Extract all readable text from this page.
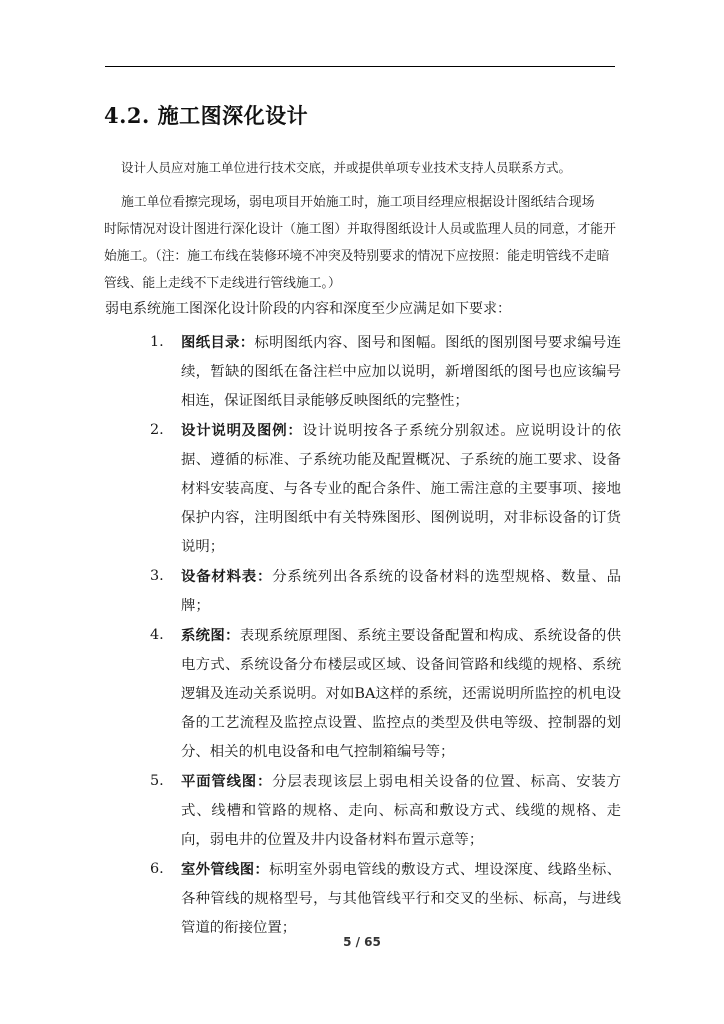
4.2. 施工图深化设计
设计人员应对施工单位进行技术交底，并或提供单项专业技术支持人员联系方式。
施工单位看擦完现场，弱电项目开始施工时，施工项目经理应根据设计图纸结合现场
时际情况对设计图进行深化设计（施工图）并取得图纸设计人员或监理人员的同意，才能开
始施工。（注：施工布线在装修环境不冲突及特别要求的情况下应按照：能走明管线不走暗
管线、能上走线不下走线进行管线施工。）
弱电系统施工图深化设计阶段的内容和深度至少应满足如下要求：
1.	图纸目录：标明图纸内容、图号和图幅。图纸的图别图号要求编号连续，暂缺的图纸在备注栏中应加以说明，新增图纸的图号也应该编号相连，保证图纸目录能够反映图纸的完整性；
2.	设计说明及图例：设计说明按各子系统分别叙述。应说明设计的依据、遵循的标准、子系统功能及配置概况、子系统的施工要求、设备材料安装高度、与各专业的配合条件、施工需注意的主要事项、接地保护内容，注明图纸中有关特殊图形、图例说明，对非标设备的订货说明；
3.	设备材料表：分系统列出各系统的设备材料的选型规格、数量、品牌；
4.	系统图：表现系统原理图、系统主要设备配置和构成、系统设备的供电方式、系统设备分布楼层或区域、设备间管路和线缆的规格、系统逻辑及连动关系说明。对如BA这样的系统，还需说明所监控的机电设备的工艺流程及监控点设置、监控点的类型及供电等级、控制器的划分、相关的机电设备和电气控制箱编号等；
5.	平面管线图：分层表现该层上弱电相关设备的位置、标高、安装方式、线槽和管路的规格、走向、标高和敷设方式、线缆的规格、走向，弱电井的位置及井内设备材料布置示意等；
6.	室外管线图：标明室外弱电管线的敷设方式、埋设深度、线路坐标、各种管线的规格型号，与其他管线平行和交叉的坐标、标高，与进线管道的衔接位置；
5 / 65
